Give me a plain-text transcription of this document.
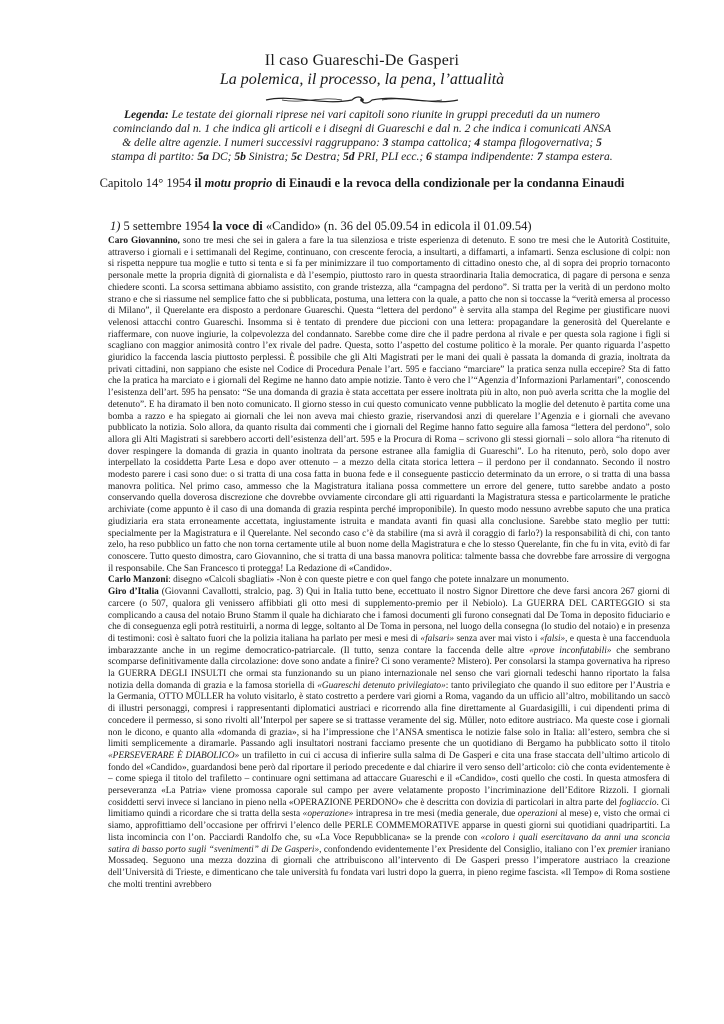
Il caso Guareschi-De Gasperi
La polemica, il processo, la pena, l’attualità
Legenda: Le testate dei giornali riprese nei vari capitoli sono riunite in gruppi preceduti da un numero cominciando dal n. 1 che indica gli articoli e i disegni di Guareschi e dal n. 2 che indica i comunicati ANSA & delle altre agenzie. I numeri successivi raggruppano: 3 stampa cattolica; 4 stampa filogovernativa; 5 stampa di partito: 5a DC; 5b Sinistra; 5c Destra; 5d PRI, PLI ecc.; 6 stampa indipendente: 7 stampa estera.
Capitolo 14° 1954 il motu proprio di Einaudi e la revoca della condizionale per la condanna Einaudi
1) 5 settembre 1954 la voce di «Candido» (n. 36 del 05.09.54 in edicola il 01.09.54)

Caro Giovannino, sono tre mesi che sei in galera a fare la tua silenziosa e triste esperienza di detenuto. E sono tre mesi che le Autorità Costituite, attraverso i giornali e i settimanali del Regime, continuano, con crescente ferocia, a insultarti, a diffamarti, a infamarti. Senza esclusione di colpi: non si rispetta neppure tua moglie e tutto si tenta e si fa per minimizzare il tuo comportamento di cittadino onesto che, al di sopra dei proprio tornaconto personale mette la propria dignità di giornalista e dà l’esempio, piuttosto raro in questa straordinaria Italia democratica, di pagare di persona e senza chiedere sconti. La scorsa settimana abbiamo assistito, con grande tristezza, alla “campagna del perdono”. Si tratta per la verità di un perdono molto strano e che si riassume nel semplice fatto che si pubblicata, postuma, una lettera con la quale, a patto che non si toccasse la “verità emersa al processo di Milano”, il Querelante era disposto a perdonare Guareschi. Questa “lettera del perdono” è servita alla stampa del Regime per giustificare nuovi velenosi attacchi contro Guareschi. Insomma si è tentato di prendere due piccioni con una lettera: propagandare la generosità del Querelante e riaffermare, con nuove ingiurie, la colpevolezza del condannato. Sarebbe come dire che il padre perdona al rivale e per questa sola ragione i figli si scagliano con maggior animosità contro l’ex rivale del padre. Questa, sotto l’aspetto del costume politico è la morale. Per quanto riguarda l’aspetto giuridico la faccenda lascia piuttosto perplessi. È possibile che gli Alti Magistrati per le mani dei quali è passata la domanda di grazia, inoltrata da privati cittadini, non sappiano che esiste nel Codice di Procedura Penale l’art. 595 e facciano “marciare” la pratica senza nulla eccepire? Sta di fatto che la pratica ha marciato e i giornali del Regime ne hanno dato ampie notizie. Tanto è vero che l’“Agenzia d’Informazioni Parlamentari”, conoscendo l’esistenza dell’art. 595 ha pensato: “Se una domanda di grazia è stata accettata per essere inoltrata più in alto, non può averla scritta che la moglie del detenuto”. E ha diramato il ben noto comunicato. Il giorno stesso in cui questo comunicato venne pubblicato la moglie del detenuto è partita come una bomba a razzo e ha spiegato ai giornali che lei non aveva mai chiesto grazie, riservandosi anzi di querelare l’Agenzia e i giornali che avevano pubblicato la notizia. Solo allora, da quanto risulta dai commenti che i giornali del Regime hanno fatto seguire alla famosa “lettera del perdono”, solo allora gli Alti Magistrati si sarebbero accorti dell’esistenza dell’art. 595 e la Procura di Roma – scrivono gli stessi giornali – solo allora “ha ritenuto di dover respingere la domanda di grazia in quanto inoltrata da persone estranee alla famiglia di Guareschi”. Lo ha ritenuto, però, solo dopo aver interpellato la cosiddetta Parte Lesa e dopo aver ottenuto – a mezzo della citata storica lettera – il perdono per il condannato. Secondo il nostro modesto parere i casi sono due: o si tratta di una cosa fatta in buona fede e il conseguente pasticcio determinato da un errore, o si tratta di una bassa manovra politica. Nel primo caso, ammesso che la Magistratura italiana possa commettere un errore del genere, tutto sarebbe andato a posto conservando quella doverosa discrezione che dovrebbe ovviamente circondare gli atti riguardanti la Magistratura stessa e particolarmente le pratiche archiviate (come appunto è il caso di una domanda di grazia respinta perché improponibile). In questo modo nessuno avrebbe saputo che una pratica giudiziaria era stata erroneamente accettata, ingiustamente istruita e mandata avanti fin quasi alla conclusione. Sarebbe stato meglio per tutti: specialmente per la Magistratura e il Querelante. Nel secondo caso c’è da stabilire (ma si avrà il coraggio di farlo?) la responsabilità di chi, con tanto zelo, ha reso pubblico un fatto che non torna certamente utile al buon nome della Magistratura e che lo stesso Querelante, fin che fu in vita, evitò di far conoscere. Tutto questo dimostra, caro Giovannino, che si tratta di una bassa manovra politica: talmente bassa che dovrebbe fare arrossire di vergogna il responsabile. Che San Francesco ti protegga! La Redazione di «Candido».

Carlo Manzoni: disegno «Calcoli sbagliati» -Non è con queste pietre e con quel fango che potete innalzare un monumento.

Giro d’Italia (Giovanni Cavallotti, stralcio, pag. 3) Qui in Italia tutto bene, eccettuato il nostro Signor Direttore che deve farsi ancora 267 giorni di carcere (o 507, qualora gli venissero affibbiati gli otto mesi di supplemento-premio per il Nebiolo). La GUERRA DEL CARTEGGIO si sta complicando a causa del notaio Bruno Stamm il quale ha dichiarato che i famosi documenti gli furono consegnati dal De Toma in deposito fiduciario e che di conseguenza egli potrà restituirli, a norma di legge, soltanto al De Toma in persona, nel luogo della consegna (lo studio del notaio) e in presenza di testimoni: così è saltato fuori che la polizia italiana ha parlato per mesi e mesi di «falsari» senza aver mai visto i «falsi», e questa è una faccenduola imbarazzante anche in un regime democratico-patriarcale. (Il tutto, senza contare la faccenda delle altre «prove inconfutabili» che sembrano scomparse definitivamente dalla circolazione: dove sono andate a finire? Ci sono veramente? Mistero). Per consolarsi la stampa governativa ha ripreso la GUERRA DEGLI INSULTI che ormai sta funzionando su un piano internazionale nel senso che vari giornali tedeschi hanno riportato la falsa notizia della domanda di grazia e la famosa storiella di «Guareschi detenuto privilegiato»: tanto privilegiato che quando il suo editore per l’Austria e la Germania, OTTO MÜLLER ha voluto visitarlo, è stato costretto a perdere vari giorni a Roma, vagando da un ufficio all’altro, mobilitando un saccò di illustri personaggi, compresi i rappresentanti diplomatici austriaci e ricorrendo alla fine direttamente al Guardasigilli, i cui dipendenti prima di concedere il permesso, si sono rivolti all’Interpol per sapere se si trattasse veramente del sig. Müller, noto editore austriaco. Ma queste cose i giornali non le dicono, e quanto alla «domanda di grazia», si ha l’impressione che l’ANSA smentisca le notizie false solo in Italia: all’estero, sembra che si limiti semplicemente a diramarle. Passando agli insultatori nostrani facciamo presente che un quotidiano di Bergamo ha pubblicato sotto il titolo «PERSEVERARE È DIABOLICO» un trafiletto in cui ci accusa di infierire sulla salma di De Gasperi e cita una frase staccata dell’ultimo articolo di fondo del «Candido», guardandosi bene però dal riportare il periodo precedente e dal chiarire il vero senso dell’articolo: ciò che conta evidentemente è – come spiega il titolo del trafiletto – continuare ogni settimana ad attaccare Guareschi e il «Candido», costi quello che costi. In questa atmosfera di perseveranza «La Patria» viene promossa caporale sul campo per avere velatamente proposto l’incriminazione dell’Editore Rizzoli. I giornali cosiddetti servi invece si lanciano in pieno nella «OPERAZIONE PERDONO» che è descritta con dovizia di particolari in altra parte del fogliaccio. Ci limitiamo quindi a ricordare che si tratta della sesta «operazione» intrapresa in tre mesi (media generale, due operazioni al mese) e, visto che ormai ci siamo, approfittiamo dell’occasione per offrirvi l’elenco delle PERLE COMMEMORATIVE apparse in questi giorni sui quotidiani quadripartiti. La lista incomincia con l’on. Pacciardi Randolfo che, su «La Voce Repubblicana» se la prende con «coloro i quali esercitavano da anni una sconcia satira di basso porto sugli “svenimenti” di De Gasperi», confondendo evidentemente l’ex Presidente del Consiglio, italiano con l’ex premier iraniano Mossadeq. Seguono una mezza dozzina di giornali che attribuiscono all’intervento di De Gasperi presso l’imperatore austriaco la creazione dell’Università di Trieste, e dimenticano che tale università fu fondata vari lustri dopo la guerra, in pieno regime fascista. «Il Tempo» di Roma sostiene che molti trentini avrebbero
